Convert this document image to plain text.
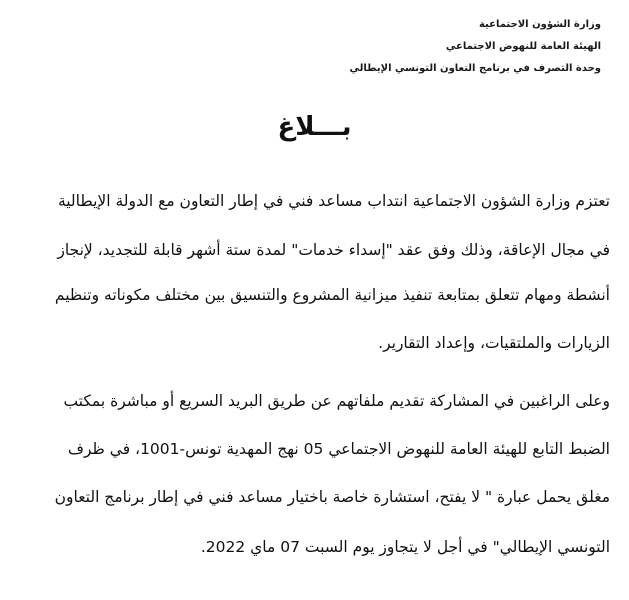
وزارة الشؤون الاجتماعية
الهيئة العامة للنهوض الاجتماعي
وحدة التصرف في برنامج التعاون التونسي الإيطالي
بـــلاغ
تعتزم وزارة الشؤون الاجتماعية انتداب مساعد فني في إطار التعاون مع الدولة الإيطالية
في مجال الإعاقة، وذلك وفق عقد "إسداء خدمات" لمدة ستة أشهر قابلة للتجديد، لإنجاز
أنشطة ومهام تتعلق بمتابعة تنفيذ ميزانية المشروع والتنسيق بين مختلف مكوناته وتنظيم
الزيارات والملتقيات، وإعداد التقارير.
وعلى الراغبين في المشاركة تقديم ملفاتهم عن طريق البريد السريع أو مباشرة بمكتب
الضبط التابع للهيئة العامة للنهوض الاجتماعي 05 نهج المهدية تونس-1001، في ظرف
مغلق يحمل عبارة " لا يفتح، استشارة خاصة باختيار مساعد فني في إطار برنامج التعاون
التونسي الإيطالي" في أجل لا يتجاوز يوم السبت 07 ماي 2022.
